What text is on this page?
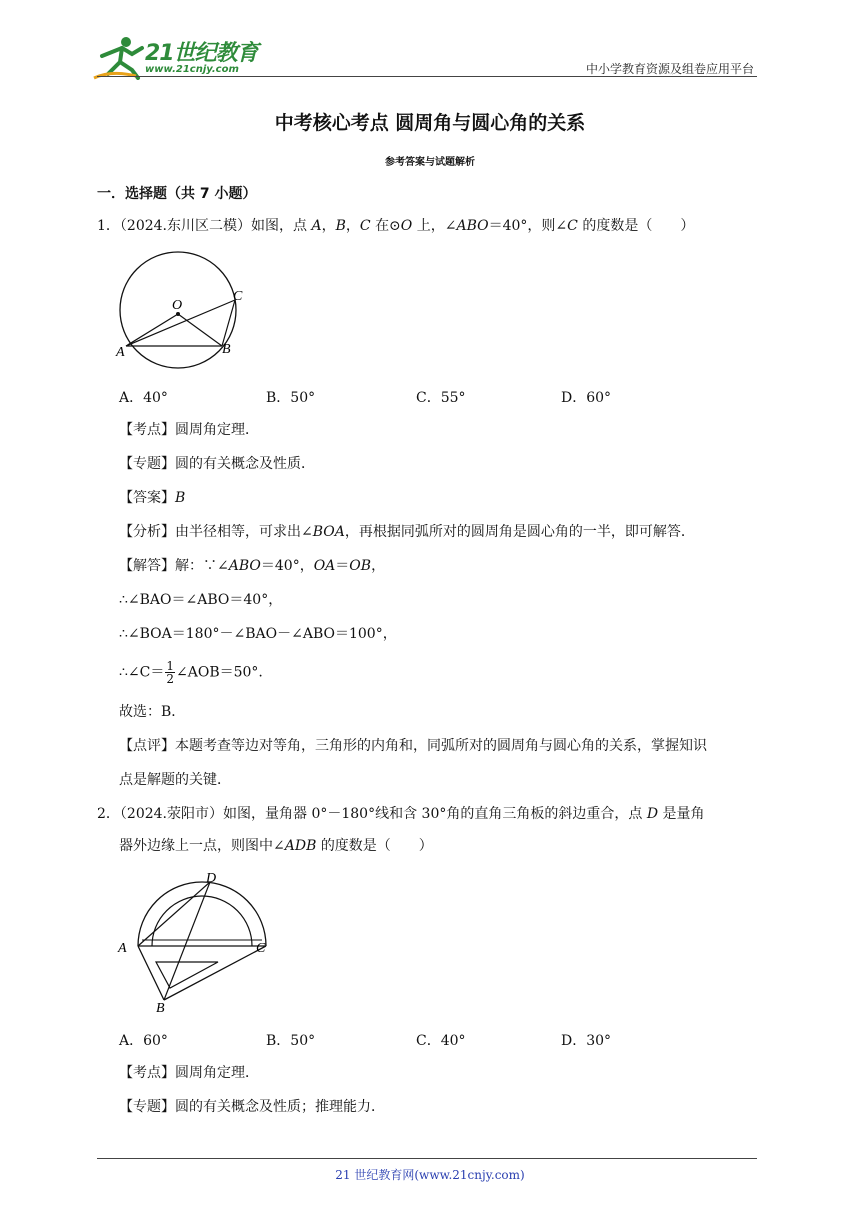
21世纪教育
www.21cnjy.com	中小学教育资源及组卷应用平台
中考核心考点 圆周角与圆心角的关系
参考答案与试题解析
一．选择题（共 7 小题）
1．（2024.东川区二模）如图，点 A，B，C 在⊙O 上，∠ABO＝40°，则∠C 的度数是（　　）
O
A	B
C
A．40°	B．50°	C．55°	D．60°
【考点】圆周角定理．
【专题】圆的有关概念及性质．
【答案】B
【分析】由半径相等，可求出∠BOA，再根据同弧所对的圆周角是圆心角的一半，即可解答．
【解答】解：∵∠ABO＝40°，OA＝OB，
∴∠BAO＝∠ABO＝40°，
∴∠BOA＝180°－∠BAO－∠ABO＝100°，
∴∠C＝ $\frac{1}{2}$ ∠AOB＝50°.
故选：B．
【点评】本题考查等边对等角，三角形的内角和，同弧所对的圆周角与圆心角的关系，掌握知识
点是解题的关键．
2．（2024.荥阳市）如图，量角器 0°－180°线和含 30°角的直角三角板的斜边重合，点 D 是量角
器外边缘上一点，则图中∠ADB 的度数是（　　）
D
A	C
B
A．60°	B．50°	C．40°	D．30°
【考点】圆周角定理．
【专题】圆的有关概念及性质；推理能力．
21 世纪教育网(www.21cnjy.com)
